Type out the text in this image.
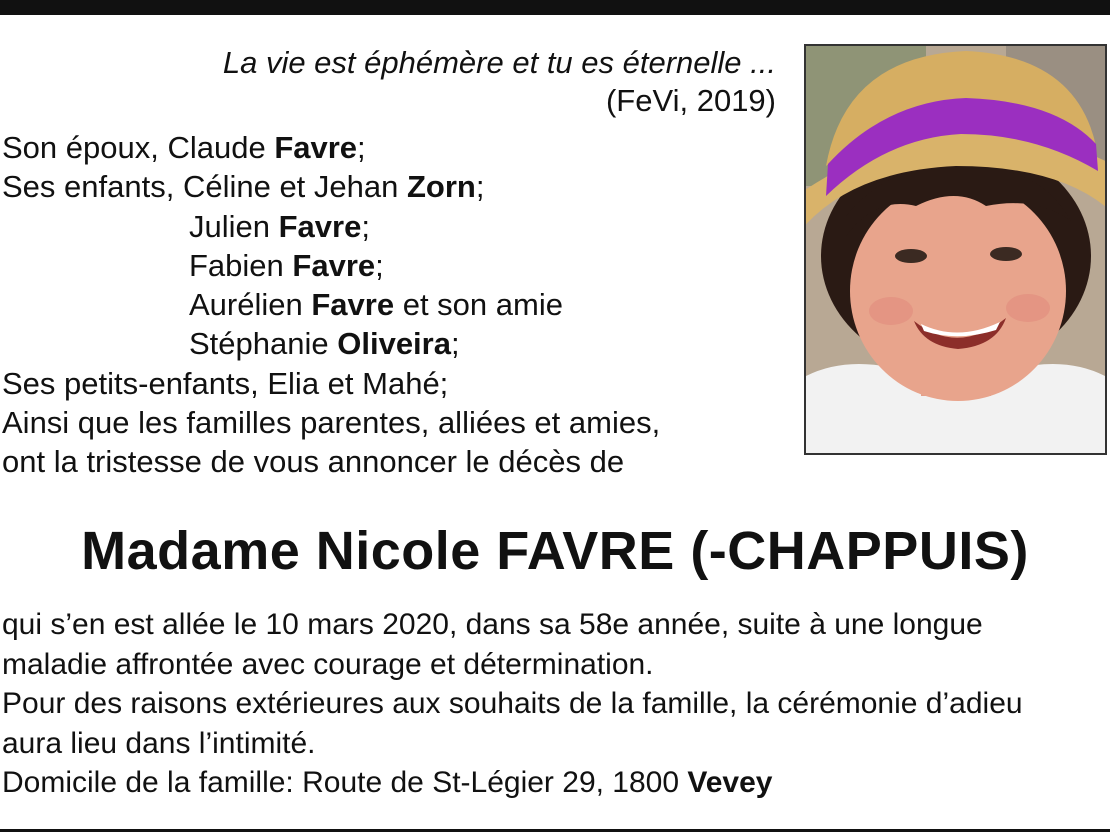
La vie est éphémère et tu es éternelle ...
(FeVi, 2019)
Son époux, Claude Favre;
Ses enfants, Céline et Jehan Zorn;
Julien Favre;
Fabien Favre;
Aurélien Favre et son amie
Stéphanie Oliveira;
Ses petits-enfants, Elia et Mahé;
Ainsi que les familles parentes, alliées et amies,
ont la tristesse de vous annoncer le décès de
Madame Nicole FAVRE (-CHAPPUIS)
qui s’en est allée le 10 mars 2020, dans sa 58e année, suite à une longue
maladie affrontée avec courage et détermination.
Pour des raisons extérieures aux souhaits de la famille, la cérémonie d’adieu
aura lieu dans l’intimité.
Domicile de la famille: Route de St-Légier 29, 1800 Vevey
